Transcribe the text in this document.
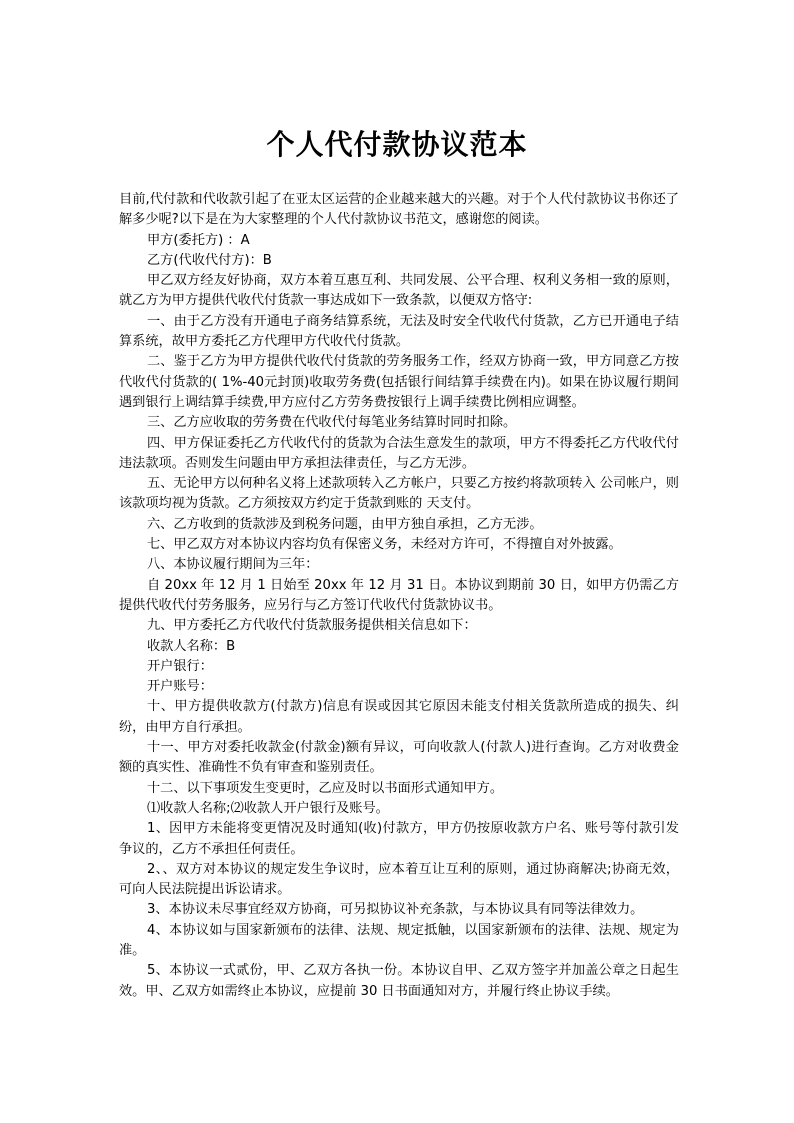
个人代付款协议范本

目前,代付款和代收款引起了在亚太区运营的企业越来越大的兴趣。对于个人代付款协议书你还了解多少呢?以下是在为大家整理的个人代付款协议书范文，感谢您的阅读。

甲方(委托方) ：A

乙方(代收代付方)：B

甲乙双方经友好协商，双方本着互惠互利、共同发展、公平合理、权利义务相一致的原则，就乙方为甲方提供代收代付货款一事达成如下一致条款，以便双方恪守:

一、由于乙方没有开通电子商务结算系统，无法及时安全代收代付货款，乙方已开通电子结算系统，故甲方委托乙方代理甲方代收代付货款。

二、鉴于乙方为甲方提供代收代付货款的劳务服务工作，经双方协商一致，甲方同意乙方按代收代付货款的( 1%-40元封顶)收取劳务费(包括银行间结算手续费在内)。如果在协议履行期间遇到银行上调结算手续费,甲方应付乙方劳务费按银行上调手续费比例相应调整。

三、乙方应收取的劳务费在代收代付每笔业务结算时同时扣除。

四、甲方保证委托乙方代收代付的货款为合法生意发生的款项，甲方不得委托乙方代收代付违法款项。否则发生问题由甲方承担法律责任，与乙方无涉。

五、无论甲方以何种名义将上述款项转入乙方帐户，只要乙方按约将款项转入 公司帐户，则该款项均视为货款。乙方须按双方约定于货款到账的 天支付。

六、乙方收到的货款涉及到税务问题，由甲方独自承担，乙方无涉。

七、甲乙双方对本协议内容均负有保密义务，未经对方许可，不得擅自对外披露。

八、本协议履行期间为三年：

自 20xx 年 12 月 1 日始至 20xx 年 12 月 31 日。本协议到期前 30 日，如甲方仍需乙方提供代收代付劳务服务，应另行与乙方签订代收代付货款协议书。

九、甲方委托乙方代收代付货款服务提供相关信息如下：

收款人名称：B

开户银行：

开户账号：

十、甲方提供收款方(付款方)信息有误或因其它原因未能支付相关货款所造成的损失、纠纷，由甲方自行承担。

十一、甲方对委托收款金(付款金)额有异议，可向收款人(付款人)进行查询。乙方对收费金额的真实性、准确性不负有审查和鉴别责任。

十二、以下事项发生变更时，乙应及时以书面形式通知甲方。

⑴收款人名称;⑵收款人开户银行及账号。

1、因甲方未能将变更情况及时通知(收)付款方，甲方仍按原收款方户名、账号等付款引发争议的，乙方不承担任何责任。

2、、双方对本协议的规定发生争议时，应本着互让互利的原则，通过协商解决;协商无效，可向人民法院提出诉讼请求。

3、本协议未尽事宜经双方协商，可另拟协议补充条款，与本协议具有同等法律效力。

4、本协议如与国家新颁布的法律、法规、规定抵触，以国家新颁布的法律、法规、规定为准。

5、本协议一式贰份，甲、乙双方各执一份。本协议自甲、乙双方签字并加盖公章之日起生效。甲、乙双方如需终止本协议，应提前 30 日书面通知对方，并履行终止协议手续。
